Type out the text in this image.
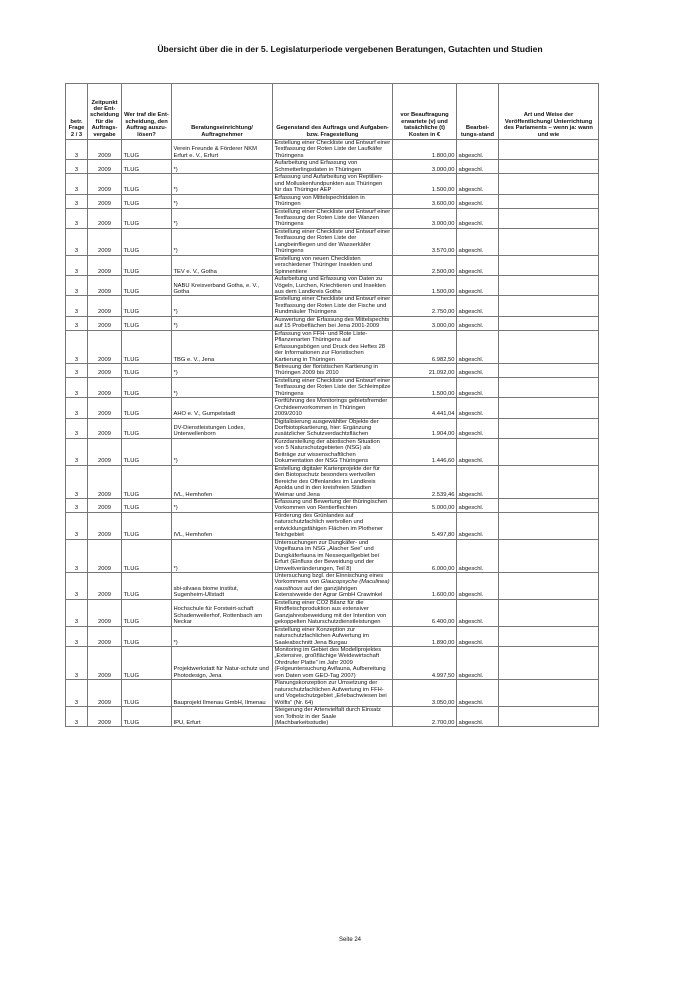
Übersicht über die in der 5. Legislaturperiode vergebenen Beratungen, Gutachten und Studien
betr. Frage 2 / 3	Zeitpunkt der Ent-scheidung für die Auftrags-vergabe	Wer traf die Ent-scheidung, den Auftrag auszu-lösen?	Beratungseinrichtung/ Auftragnehmer	Gegenstand des Auftrags und Aufgaben- bzw. Fragestellung	vor Beauftragung erwartete (v) und tatsächliche (t) Kosten in €	Bearbei-tungs-stand	Art und Weise der Veröffentlichung/ Unterrichtung des Parlaments – wenn ja: wann und wie
3	2009	TLUG	Verein Freunde & Förderer NKM Erfurt e. V., Erfurt	Erstellung einer Checkliste und Entwurf einer Textfassung der Roten Liste der Laufkäfer Thüringens	1.800,00	abgeschl.	
3	2009	TLUG	*)	Aufarbeitung und Erfassung von Schmetterlingsdaten in Thüringen	3.000,00	abgeschl.	
3	2009	TLUG	*)	Erfassung und Aufarbeitung von Reptilien- und Molluskenfundpunkten aus Thüringen für das Thüringer AEP	1.500,00	abgeschl.	
3	2009	TLUG	*)	Erfassung von Mittelspechtdaten in Thüringen	3.600,00	abgeschl.	
3	2009	TLUG	*)	Erstellung einer Checkliste und Entwurf einer Textfassung der Roten Liste der Wanzen Thüringens	3.000,00	abgeschl.	
3	2009	TLUG	*)	Erstellung einer Checkliste und Entwurf einer Textfassung der Roten Liste der Langbeinfliegen und der Wasserkäfer Thüringens	3.570,00	abgeschl.	
3	2009	TLUG	TEV e. V., Gotha	Erstellung von neuen Checklisten verschiedener Thüringer Insekten und Spinnentiere	2.500,00	abgeschl.	
3	2009	TLUG	NABU Kreisverband Gotha, e. V., Gotha	Aufarbeitung und Erfassung von Daten zu Vögeln, Lurchen, Kriechtieren und Insekten aus dem Landkreis Gotha	1.500,00	abgeschl.	
3	2009	TLUG	*)	Erstellung einer Checkliste und Entwurf einer Textfassung der Roten Liste der Fische und Rundmäuler Thüringens	2.750,00	abgeschl.	
3	2009	TLUG	*)	Auswertung der Erfassung des Mittelspechts auf 15 Probeflächen bei Jena 2001-2009	3.000,00	abgeschl.	
3	2009	TLUG	TBG e. V., Jena	Erfassung von FFH- und Rote Liste-Pflanzenarten Thüringens auf Erfassungsbögen und Druck des Heftes 28 der Informationen zur Floristischen Kartierung in Thüringen	6.982,50	abgeschl.	
3	2009	TLUG	*)	Betreuung der floristischen Kartierung in Thüringen 2009 bis 2010	21.092,00	abgeschl.	
3	2009	TLUG	*)	Erstellung einer Checkliste und Entwurf einer Textfassung der Roten Liste der Schleimpilze Thüringens	1.500,00	abgeschl.	
3	2009	TLUG	AHO e. V., Gumpelstadt	Fortführung des Monitorings gebietsfremder Orchideenvorkommen in Thüringen 2009/2010	4.441,04	abgeschl.	
3	2009	TLUG	DV-Dienstleistungen Lodes, Unterwellenborn	Digitalisierung ausgewählter Objekte der Dorfbiotopkartierung, hier: Ergänzung zusätzlicher Schutzverdachtsflächen	1.904,00	abgeschl.	
3	2009	TLUG	*)	Kurzdarstellung der abiotischen Situation von 5 Naturschutzgebieten (NSG) als Beiträge zur wissenschaftlichen Dokumentation der NSG Thüringens	1.446,60	abgeschl.	
3	2009	TLUG	IVL, Hemhofen	Erstellung digitaler Kartenprojekte der für den Biotopschutz besonders wertvollen Bereiche des Offenlandes im Landkreis Apolda und in den kreisfreien Städten Weimar und Jena	2.539,46	abgeschl.	
3	2009	TLUG	*)	Erfassung und Bewertung der thüringischen Vorkommen von Rentierflechten	5.000,00	abgeschl.	
3	2009	TLUG	IVL, Hemhofen	Förderung des Grünlandes auf naturschutzfachlich wertvollen und entwicklungsfähigen Flächen im Plothener Teichgebiet	5.497,80	abgeschl.	
3	2009	TLUG	*)	Untersuchungen zur Dungkäfer- und Vogelfauna im NSG „Alacher See“ und Dungkäferfauna im Nessequellgebiet bei Erfurt (Einfluss der Beweidung und der Umweltveränderungen, Teil 8)	6.000,00	abgeschl.	
3	2009	TLUG	sbi-silvaea biome institut, Sugenheim-Ullstadt	Untersuchung bzgl. der Einnischung eines Vorkommens von Glaucopsyche (Maculinea) nausithous auf der ganzjährigen Extensivweide der Agrar GmbH Crawinkel	1.600,00	abgeschl.	
3	2009	TLUG	Hochschule für Forstwirt-schaft Schadenweilerhof, Rottenbach am Neckar	Erstellung einer CO2 Bilanz für die Rindfleischproduktion aus extensiver Ganzjahresbeweidung mit der Intention von gekoppelten Naturschutzdienstleistungen	6.400,00	abgeschl.	
3	2009	TLUG	*)	Erstellung einer Konzeption zur naturschutzfachlichen Aufwertung im Saaleabschnitt Jena Burgau	1.890,00	abgeschl.	
3	2009	TLUG	Projektwerkstatt für Natur-schutz und Photodesign, Jena	Monitoring im Gebiet des Modellprojektes „Extensive, großflächige Weidewirtschaft Ohrdrufer Platte“ im Jahr 2009 (Folgeuntersuchung Avifauna, Aufbereitung von Daten vom GEO-Tag 2007)	4.997,50	abgeschl.	
3	2009	TLUG	Bauprojekt Ilmenau GmbH, Ilmenau	Planungskonzeption zur Umsetzung der naturschutzfachlichen Aufwertung im FFH- und Vogelschutzgebiet „Erlebachwiesen bei Wölfis“ (Nr. 64)	3.050,00	abgeschl.	
3	2009	TLUG	IPU, Erfurt	Steigerung der Artenvielfalt durch Einsatz von Totholz in der Saale (Machbarkeitsstudie)	2.700,00	abgeschl.	
Seite 24
